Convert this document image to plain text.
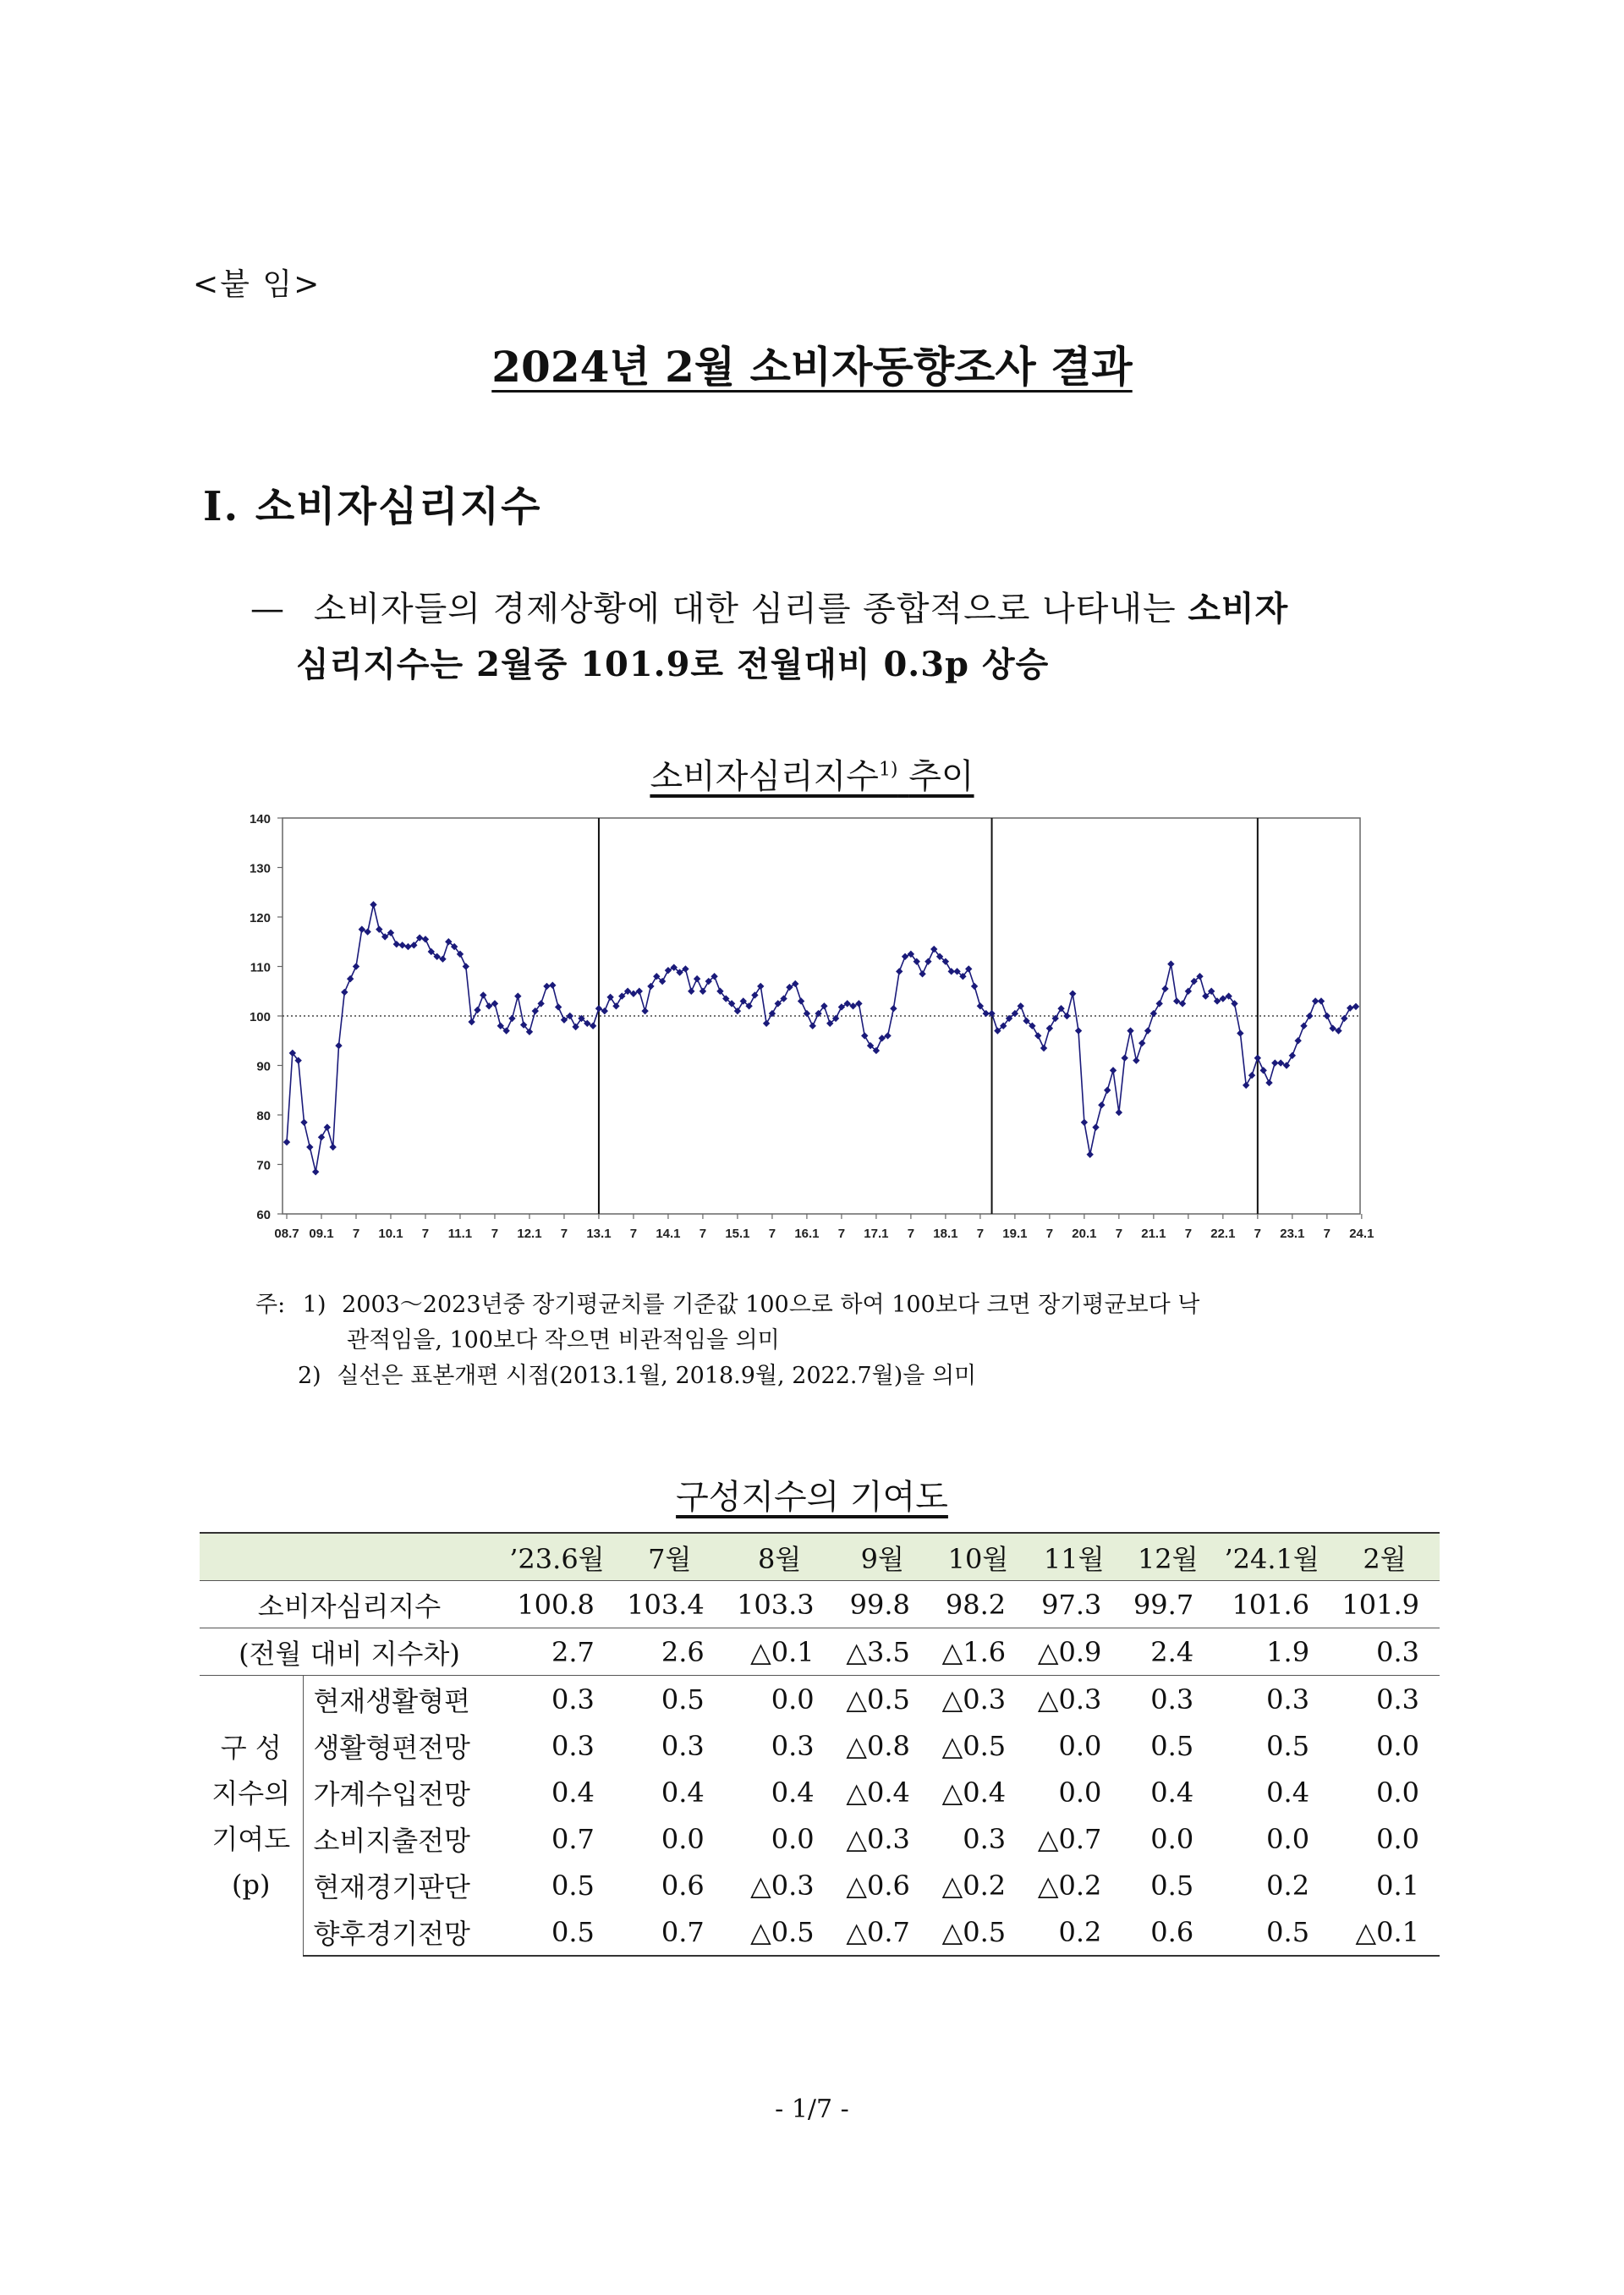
<붙 임>
2024년 2월 소비자동향조사 결과
Ⅰ. 소비자심리지수
— 소비자들의 경제상황에 대한 심리를 종합적으로 나타내는 소비자
심리지수는 2월중 101.9로 전월대비 0.3p 상승
소비자심리지수$^{1)}$ 추이
60
70
80
90
100
110
120
130
140
08.7 09.1 7 10.1 7 11.1 7 12.1 7 13.1 7 14.1 7 15.1 7 16.1 7 17.1 7 18.1 7 19.1 7 20.1 7 21.1 7 22.1 7 23.1 7 24.1
주: 1) 2003～2023년중 장기평균치를 기준값 100으로 하여 100보다 크면 장기평균보다 낙
관적임을, 100보다 작으면 비관적임을 의미
2) 실선은 표본개편 시점(2013.1월, 2018.9월, 2022.7월)을 의미
구성지수의 기여도
		’23.6월	7월	8월	9월	10월	11월	12월	’24.1월	2월
소비자심리지수		100.8	103.4	103.3	99.8	98.2	97.3	99.7	101.6	101.9
(전월 대비 지수차)		2.7	2.6	△0.1	△3.5	△1.6	△0.9	2.4	1.9	0.3

구 성
지수의
기여도
(p)	현재생활형편	0.3	0.5	0.0	△0.5	△0.3	△0.3	0.3	0.3	0.3
	생활형편전망	0.3	0.3	0.3	△0.8	△0.5	0.0	0.5	0.5	0.0
	가계수입전망	0.4	0.4	0.4	△0.4	△0.4	0.0	0.4	0.4	0.0
	소비지출전망	0.7	0.0	0.0	△0.3	0.3	△0.7	0.0	0.0	0.0
	현재경기판단	0.5	0.6	△0.3	△0.6	△0.2	△0.2	0.5	0.2	0.1
	향후경기전망	0.5	0.7	△0.5	△0.7	△0.5	0.2	0.6	0.5	△0.1
- 1/7 -
